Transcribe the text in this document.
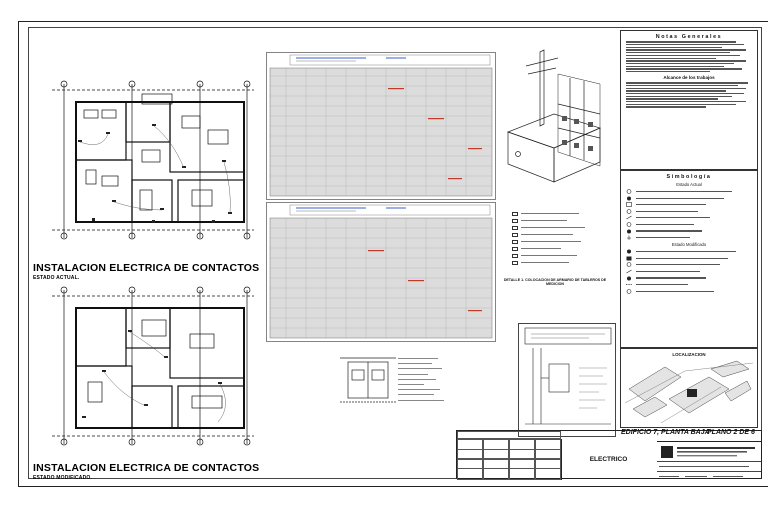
INSTALACION ELECTRICA DE CONTACTOS
ESTADO ACTUAL.
INSTALACION ELECTRICA DE CONTACTOS
ESTADO MODIFICADO.
DETALLE 1. COLOCACION DE ARMARIO DE TABLEROS DE MEDICION
Notas Generales
Alcance de los trabajos
Simbología
Estado Actual
Estado Modificado
LOCALIZACION
ELECTRICO
EDIFICIO 7, PLANTA BAJA
PLANO 2 DE 6
